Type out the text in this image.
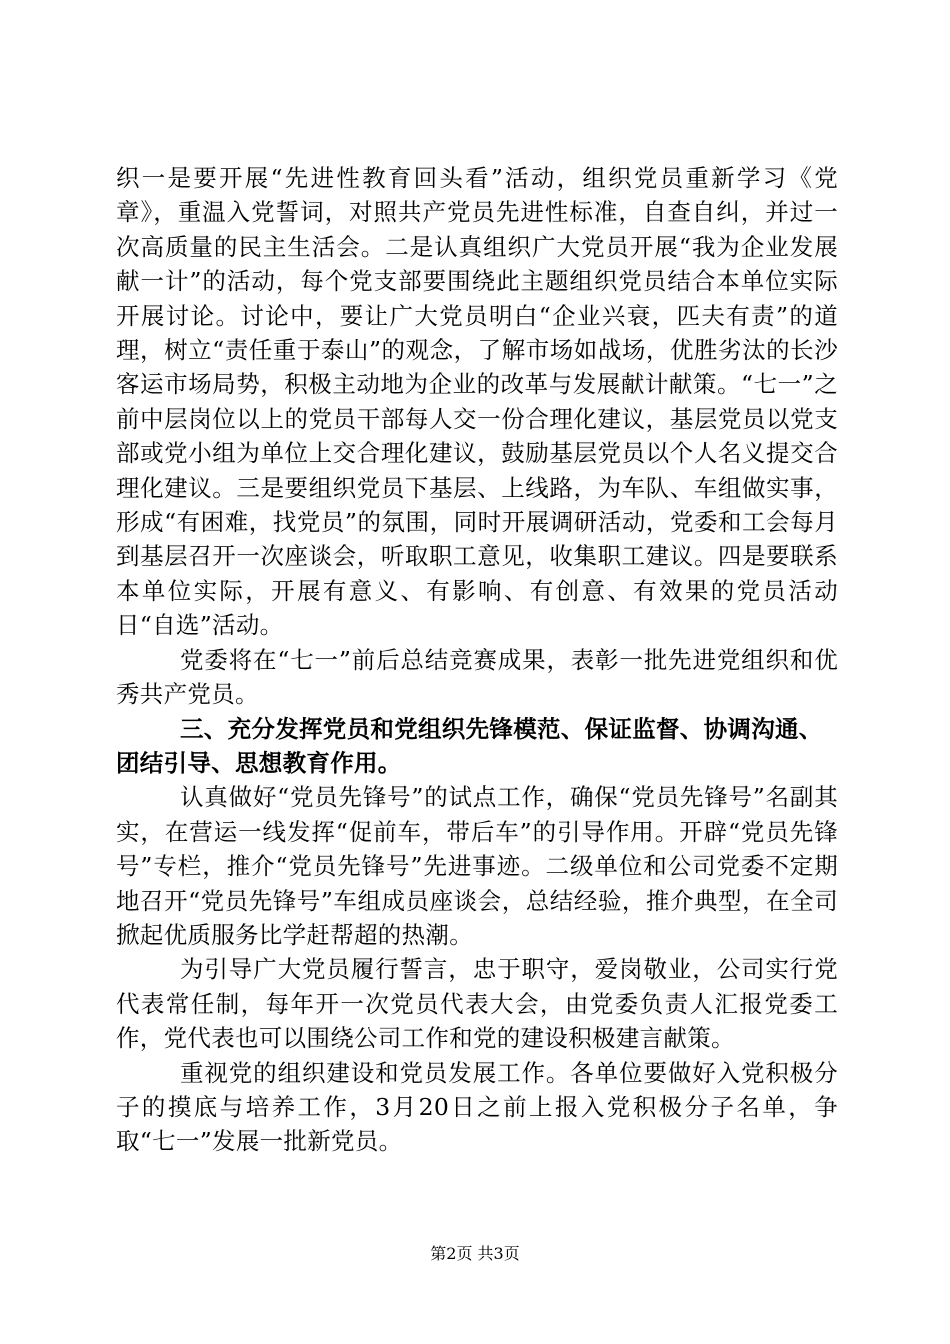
织一是要开展“先进性教育回头看”活动，组织党员重新学习《党章》，重温入党誓词，对照共产党员先进性标准，自查自纠，并过一次高质量的民主生活会。二是认真组织广大党员开展“我为企业发展献一计”的活动，每个党支部要围绕此主题组织党员结合本单位实际开展讨论。讨论中，要让广大党员明白“企业兴衰，匹夫有责”的道理，树立“责任重于泰山”的观念，了解市场如战场，优胜劣汰的长沙客运市场局势，积极主动地为企业的改革与发展献计献策。“七一”之前中层岗位以上的党员干部每人交一份合理化建议，基层党员以党支部或党小组为单位上交合理化建议，鼓励基层党员以个人名义提交合理化建议。三是要组织党员下基层、上线路，为车队、车组做实事，形成“有困难，找党员”的氛围，同时开展调研活动，党委和工会每月到基层召开一次座谈会，听取职工意见，收集职工建议。四是要联系本单位实际，开展有意义、有影响、有创意、有效果的党员活动日“自选”活动。

党委将在“七一”前后总结竞赛成果，表彰一批先进党组织和优秀共产党员。

三、充分发挥党员和党组织先锋模范、保证监督、协调沟通、团结引导、思想教育作用。

认真做好“党员先锋号”的试点工作，确保“党员先锋号”名副其实，在营运一线发挥“促前车，带后车”的引导作用。开辟“党员先锋号”专栏，推介“党员先锋号”先进事迹。二级单位和公司党委不定期地召开“党员先锋号”车组成员座谈会，总结经验，推介典型，在全司掀起优质服务比学赶帮超的热潮。

为引导广大党员履行誓言，忠于职守，爱岗敬业，公司实行党代表常任制，每年开一次党员代表大会，由党委负责人汇报党委工作，党代表也可以围绕公司工作和党的建设积极建言献策。

重视党的组织建设和党员发展工作。各单位要做好入党积极分子的摸底与培养工作，3月20日之前上报入党积极分子名单，争取“七一”发展一批新党员。

第2页 共3页
